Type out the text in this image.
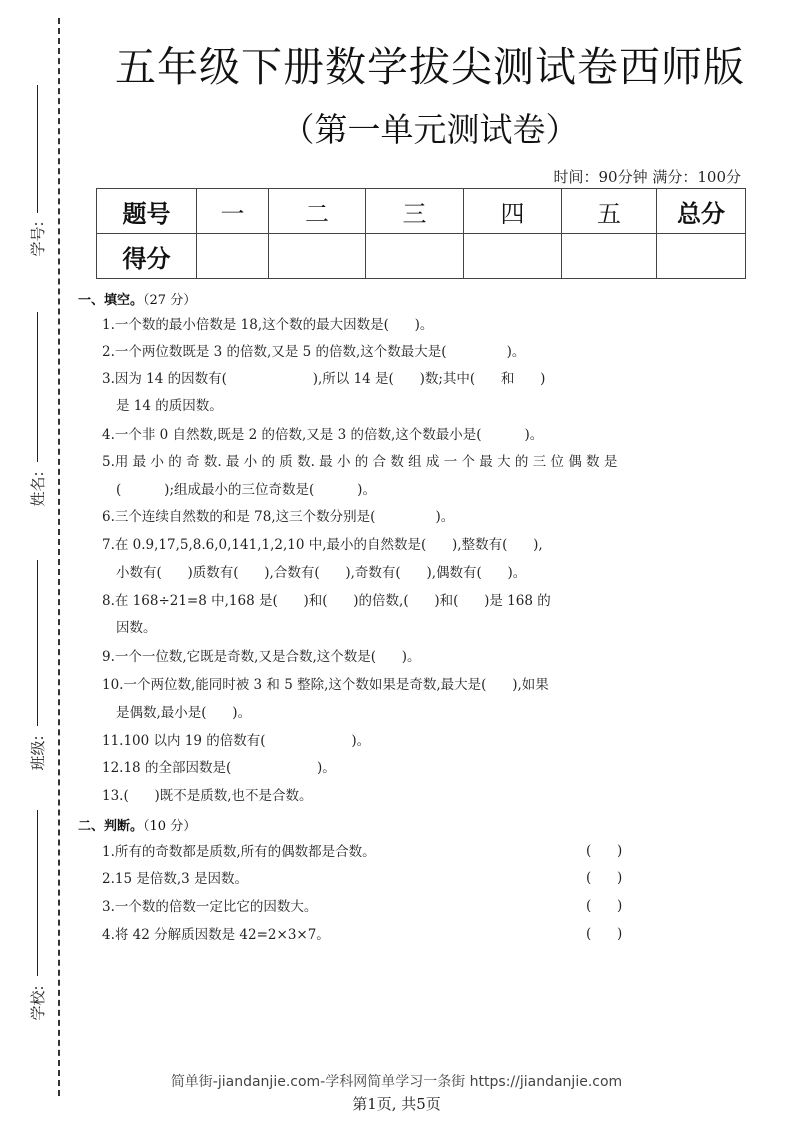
学号:
姓名:
班级:
学校:
五年级下册数学拔尖测试卷西师版
（第一单元测试卷）
时间：90分钟 满分：100分
题号	一	二	三	四	五	总分
得分						
一、填空。（27 分）
1.一个数的最小倍数是 18,这个数的最大因数是(      )。
2.一个两位数既是 3 的倍数,又是 5 的倍数,这个数最大是(              )。
3.因为 14 的因数有(                    ),所以 14 是(      )数;其中(      和      )
是 14 的质因数。
4.一个非 0 自然数,既是 2 的倍数,又是 3 的倍数,这个数最小是(          )。
5.用 最 小 的 奇 数. 最 小 的 质 数. 最 小 的 合 数 组 成 一 个 最 大 的 三 位 偶 数 是
(          );组成最小的三位奇数是(          )。
6.三个连续自然数的和是 78,这三个数分别是(              )。
7.在 0.9,17,5,8.6,0,141,1,2,10 中,最小的自然数是(      ),整数有(      ),
小数有(      )质数有(      ),合数有(      ),奇数有(      ),偶数有(      )。
8.在 168÷21=8 中,168 是(      )和(      )的倍数,(      )和(      )是 168 的
因数。
9.一个一位数,它既是奇数,又是合数,这个数是(      )。
10.一个两位数,能同时被 3 和 5 整除,这个数如果是奇数,最大是(      ),如果
是偶数,最小是(      )。
11.100 以内 19 的倍数有(                    )。
12.18 的全部因数是(                    )。
13.(      )既不是质数,也不是合数。
二、判断。（10 分）
1.所有的奇数都是质数,所有的偶数都是合数。	(      )
2.15 是倍数,3 是因数。	(      )
3.一个数的倍数一定比它的因数大。	(      )
4.将 42 分解质因数是 42=2×3×7。	(      )
简单街-jiandanjie.com-学科网简单学习一条街 https://jiandanjie.com
第1页, 共5页
